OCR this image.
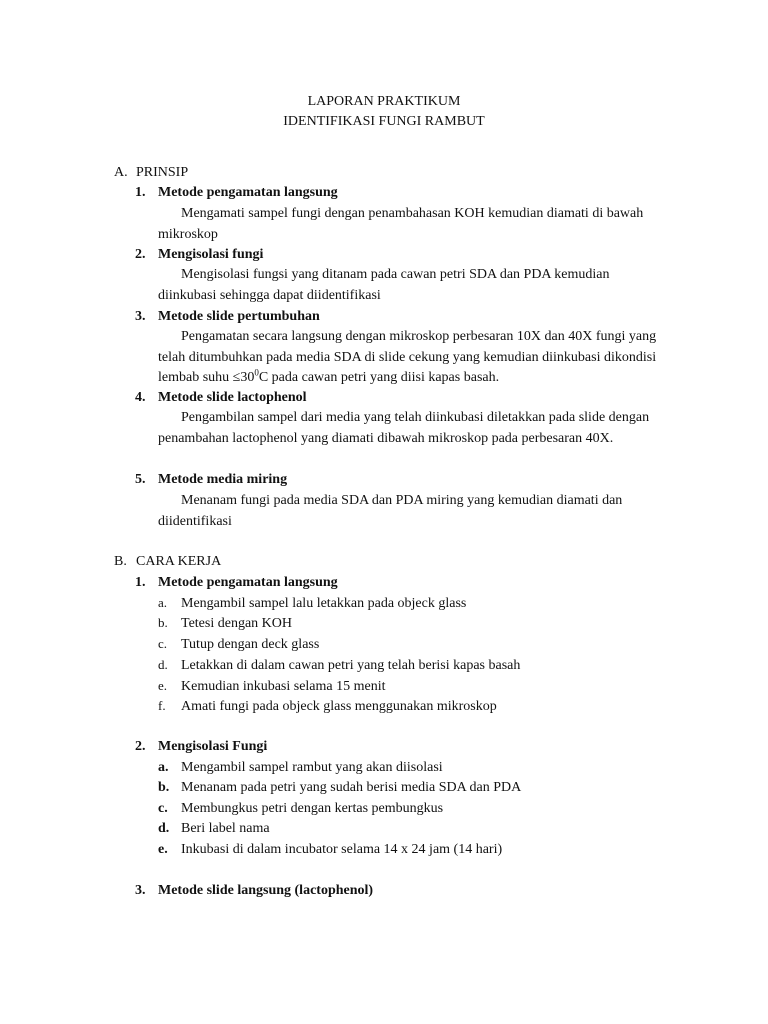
LAPORAN PRAKTIKUM
IDENTIFIKASI FUNGI RAMBUT
A. PRINSIP
1. Metode pengamatan langsung
Mengamati sampel fungi dengan penambahasan KOH kemudian diamati di bawah mikroskop
2. Mengisolasi fungi
Mengisolasi fungsi yang ditanam pada cawan petri SDA dan PDA kemudian diinkubasi sehingga dapat diidentifikasi
3. Metode slide pertumbuhan
Pengamatan secara langsung dengan mikroskop perbesaran 10X dan 40X fungi yang telah ditumbuhkan pada media SDA di slide cekung yang kemudian diinkubasi dikondisi lembab suhu $\le 30^0C$ pada cawan petri yang diisi kapas basah.
4. Metode slide lactophenol
Pengambilan sampel dari media yang telah diinkubasi diletakkan pada slide dengan penambahan lactophenol yang diamati dibawah mikroskop pada perbesaran 40X.
5. Metode media miring
Menanam fungi pada media SDA dan PDA miring yang kemudian diamati dan diidentifikasi
B. CARA KERJA
1. Metode pengamatan langsung
a. Mengambil sampel lalu letakkan pada objeck glass
b. Tetesi dengan KOH
c. Tutup dengan deck glass
d. Letakkan di dalam cawan petri yang telah berisi kapas basah
e. Kemudian inkubasi selama 15 menit
f. Amati fungi pada objeck glass menggunakan mikroskop
2. Mengisolasi Fungi
a. Mengambil sampel rambut yang akan diisolasi
b. Menanam pada petri yang sudah berisi media SDA dan PDA
c. Membungkus petri dengan kertas pembungkus
d. Beri label nama
e. Inkubasi di dalam incubator selama 14 x 24 jam (14 hari)
3. Metode slide langsung (lactophenol)
